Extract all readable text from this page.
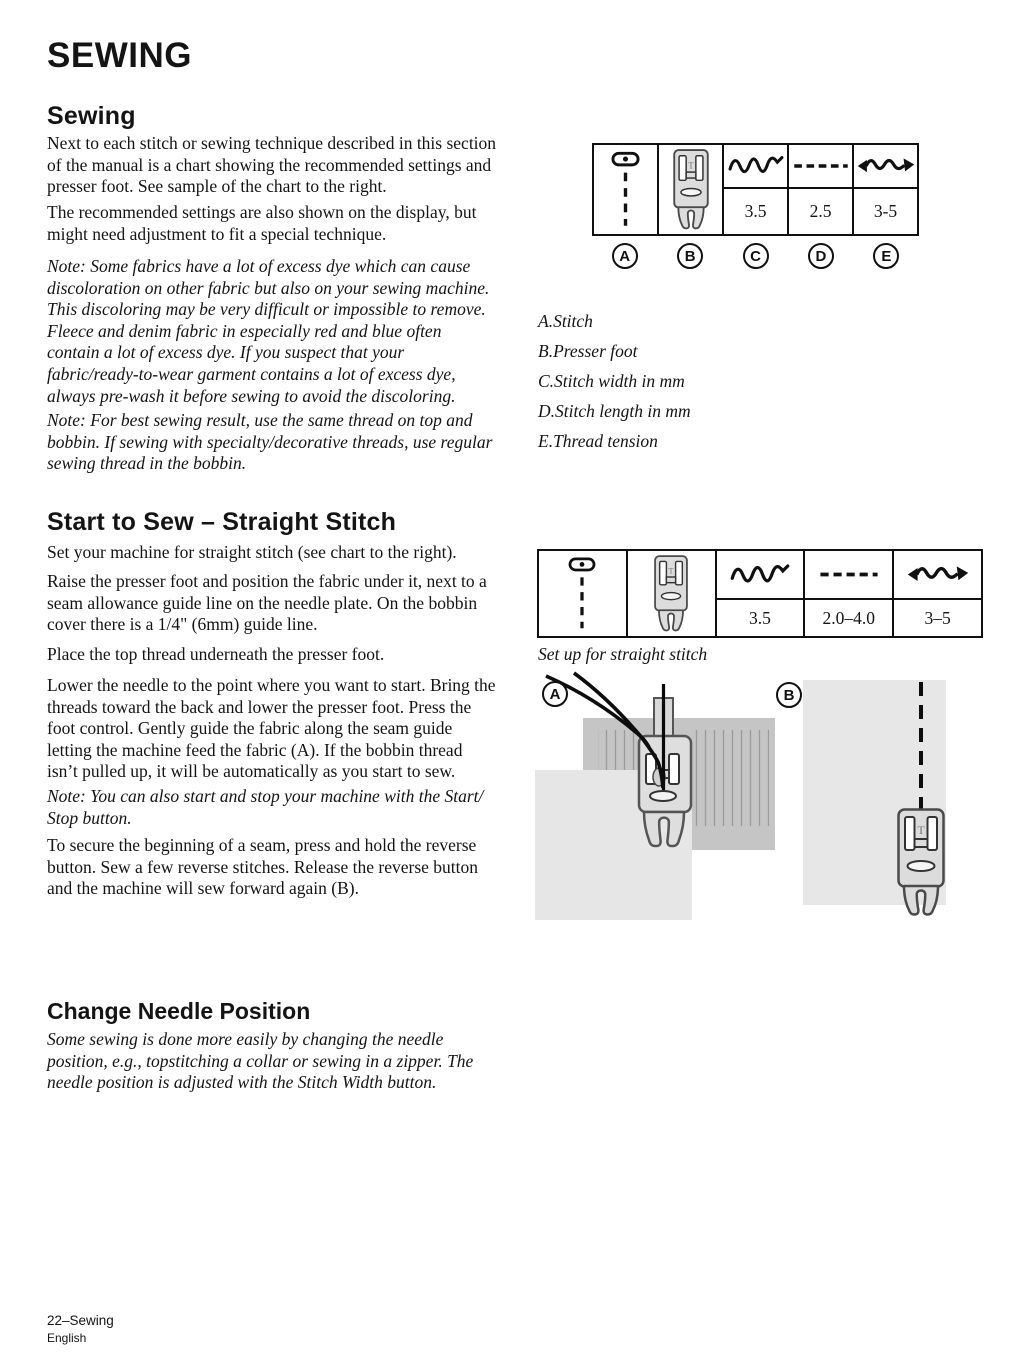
SEWING
Sewing
Next to each stitch or sewing technique described in this section of the manual is a chart showing the recommended settings and presser foot. See sample of the chart to the right.
The recommended settings are also shown on the display, but might need adjustment to fit a special technique.
Note: Some fabrics have a lot of excess dye which can cause discoloration on other fabric but also on your sewing machine. This discoloring may be very difficult or impossible to remove. Fleece and denim fabric in especially red and blue often contain a lot of excess dye. If you suspect that your fabric/ready-to-wear garment contains a lot of excess dye, always pre-wash it before sewing to avoid the discoloring.
Note: For best sewing result, use the same thread on top and bobbin. If sewing with specialty/decorative threads, use regular sewing thread in the bobbin.
Start to Sew – Straight Stitch
Set your machine for straight stitch (see chart to the right).
Raise the presser foot and position the fabric under it, next to a seam allowance guide line on the needle plate. On the bobbin cover there is a 1/4" (6mm) guide line.
Place the top thread underneath the presser foot.
Lower the needle to the point where you want to start. Bring the threads toward the back and lower the presser foot. Press the foot control. Gently guide the fabric along the seam guide letting the machine feed the fabric (A). If the bobbin thread isn’t pulled up, it will be automatically as you start to sew.
Note: You can also start and stop your machine with the Start/ Stop button.
To secure the beginning of a seam, press and hold the reverse button. Sew a few reverse stitches. Release the reverse button and the machine will sew forward again (B).
Change Needle Position
Some sewing is done more easily by changing the needle position, e.g., topstitching a collar or sewing in a zipper. The needle position is adjusted with the Stitch Width button.
22–Sewing
English
3.5	2.5	3-5
A	B	C	D	E
A.Stitch
B.Presser foot
C.Stitch width in mm
D.Stitch length in mm
E.Thread tension
3.5	2.0–4.0	3–5
Set up for straight stitch
A	B
